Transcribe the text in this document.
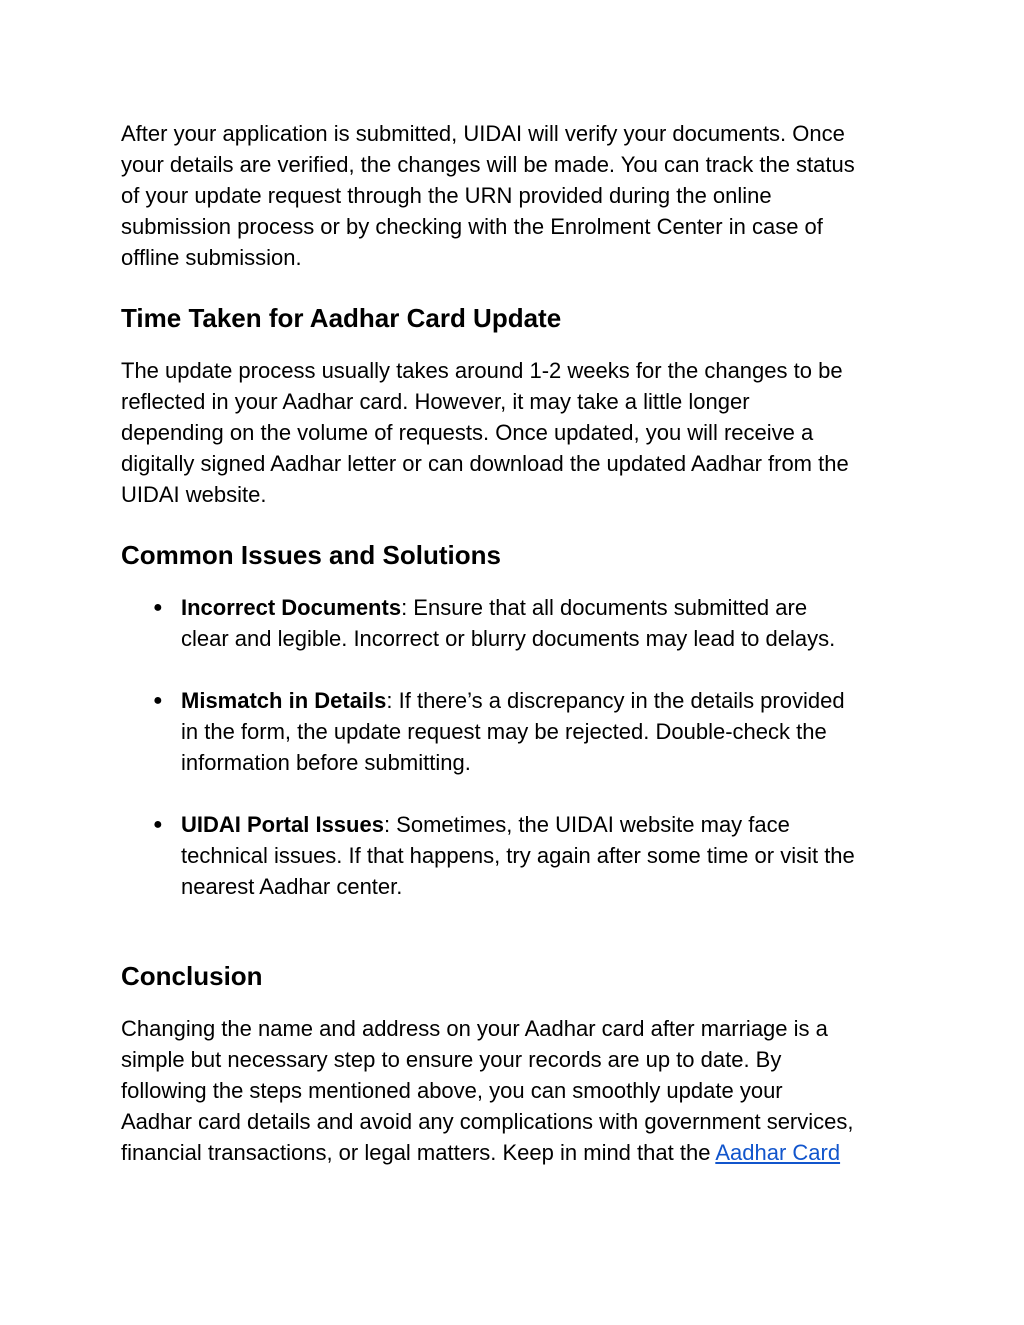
After your application is submitted, UIDAI will verify your documents. Once
your details are verified, the changes will be made. You can track the status
of your update request through the URN provided during the online
submission process or by checking with the Enrolment Center in case of
offline submission.

Time Taken for Aadhar Card Update

The update process usually takes around 1-2 weeks for the changes to be
reflected in your Aadhar card. However, it may take a little longer
depending on the volume of requests. Once updated, you will receive a
digitally signed Aadhar letter or can download the updated Aadhar from the
UIDAI website.

Common Issues and Solutions
● Incorrect Documents: Ensure that all documents submitted are
clear and legible. Incorrect or blurry documents may lead to delays.
● Mismatch in Details: If there’s a discrepancy in the details provided
in the form, the update request may be rejected. Double-check the
information before submitting.
● UIDAI Portal Issues: Sometimes, the UIDAI website may face
technical issues. If that happens, try again after some time or visit the
nearest Aadhar center.
Conclusion

Changing the name and address on your Aadhar card after marriage is a
simple but necessary step to ensure your records are up to date. By
following the steps mentioned above, you can smoothly update your
Aadhar card details and avoid any complications with government services,
financial transactions, or legal matters. Keep in mind that the Aadhar Card
